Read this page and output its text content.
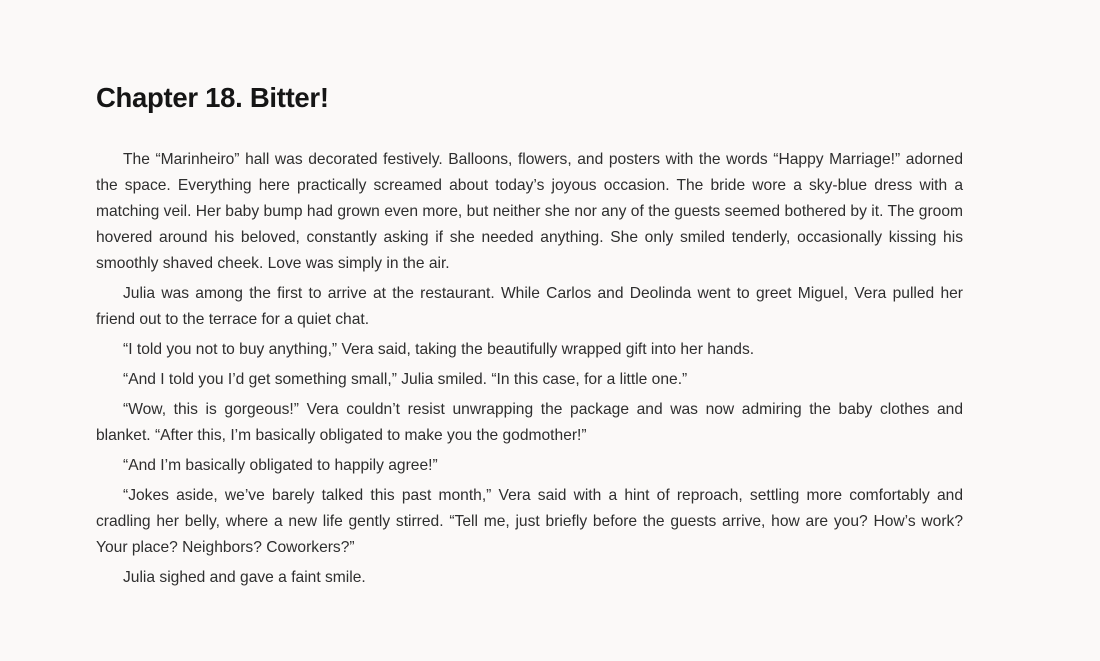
Chapter 18. Bitter!

The “Marinheiro” hall was decorated festively. Balloons, flowers, and posters with the words “Happy Marriage!” adorned the space. Everything here practically screamed about today’s joyous occasion. The bride wore a sky-blue dress with a matching veil. Her baby bump had grown even more, but neither she nor any of the guests seemed bothered by it. The groom hovered around his beloved, constantly asking if she needed anything. She only smiled tenderly, occasionally kissing his smoothly shaved cheek. Love was simply in the air.

Julia was among the first to arrive at the restaurant. While Carlos and Deolinda went to greet Miguel, Vera pulled her friend out to the terrace for a quiet chat.

“I told you not to buy anything,” Vera said, taking the beautifully wrapped gift into her hands.

“And I told you I’d get something small,” Julia smiled. “In this case, for a little one.”

“Wow, this is gorgeous!” Vera couldn’t resist unwrapping the package and was now admiring the baby clothes and blanket. “After this, I’m basically obligated to make you the godmother!”

“And I’m basically obligated to happily agree!”

“Jokes aside, we’ve barely talked this past month,” Vera said with a hint of reproach, settling more comfortably and cradling her belly, where a new life gently stirred. “Tell me, just briefly before the guests arrive, how are you? How’s work? Your place? Neighbors? Coworkers?”

Julia sighed and gave a faint smile.
